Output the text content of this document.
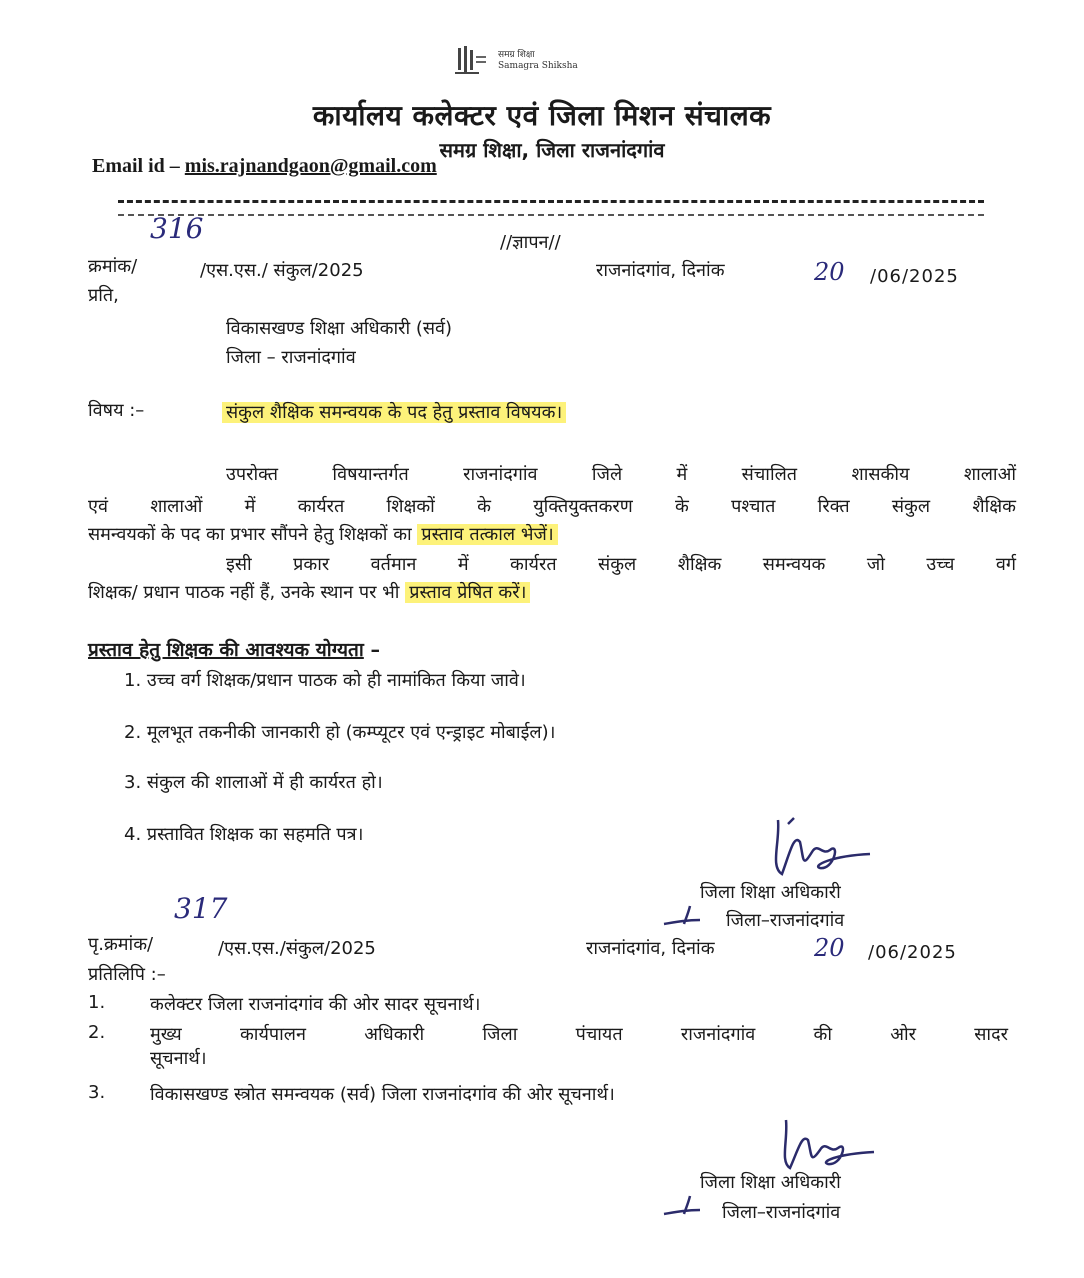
समग्र शिक्षा
Samagra Shiksha
कार्यालय कलेक्टर एवं जिला मिशन संचालक
समग्र शिक्षा, जिला राजनांदगांव
Email id – mis.rajnandgaon@gmail.com
316	//ज्ञापन//
क्रमांक/	/एस.एस./ संकुल/2025	राजनांदगांव, दिनांक	20 /06/2025
प्रति,
विकासखण्ड शिक्षा अधिकारी (सर्व)
जिला – राजनांदगांव
विषय :–	संकुल शैक्षिक समन्वयक के पद हेतु प्रस्ताव विषयक।
उपरोक्त विषयान्तर्गत राजनांदगांव जिले में संचालित शासकीय शालाओं
एवं शालाओं में कार्यरत शिक्षकों के युक्तियुक्तकरण के पश्चात रिक्त संकुल शैक्षिक
समन्वयकों के पद का प्रभार सौंपने हेतु शिक्षकों का प्रस्ताव तत्काल भेजें।
इसी प्रकार वर्तमान में कार्यरत संकुल शैक्षिक समन्वयक जो उच्च वर्ग
शिक्षक/ प्रधान पाठक नहीं हैं, उनके स्थान पर भी प्रस्ताव प्रेषित करें।
प्रस्ताव हेतु शिक्षक की आवश्यक योग्यता –
1. उच्च वर्ग शिक्षक/प्रधान पाठक को ही नामांकित किया जावे।
2. मूलभूत तकनीकी जानकारी हो (कम्प्यूटर एवं एन्ड्राइट मोबाईल)।
3. संकुल की शालाओं में ही कार्यरत हो।
4. प्रस्तावित शिक्षक का सहमति पत्र।
जिला शिक्षा अधिकारी
जिला–राजनांदगांव
317
पृ.क्रमांक/	/एस.एस./संकुल/2025	राजनांदगांव, दिनांक	20 /06/2025
प्रतिलिपि :–
1. कलेक्टर जिला राजनांदगांव की ओर सादर सूचनार्थ।
2. मुख्य कार्यपालन अधिकारी जिला पंचायत राजनांदगांव की ओर सादर
सूचनार्थ।
3. विकासखण्ड स्त्रोत समन्वयक (सर्व) जिला राजनांदगांव की ओर सूचनार्थ।
जिला शिक्षा अधिकारी
जिला–राजनांदगांव
